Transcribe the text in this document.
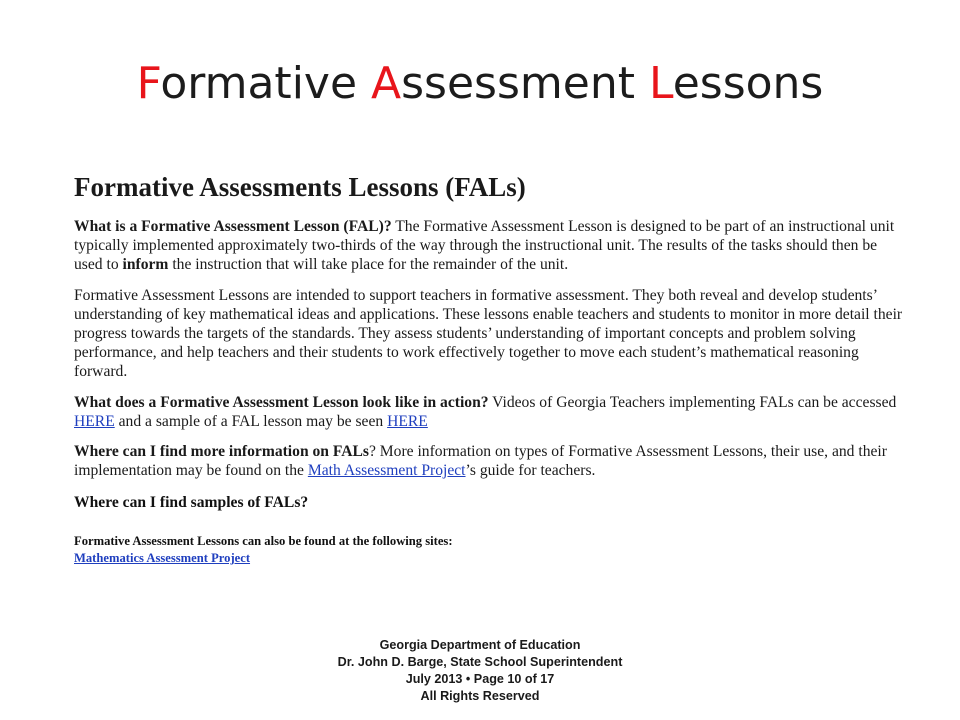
Formative Assessment Lessons
Formative Assessments Lessons (FALs)

What is a Formative Assessment Lesson (FAL)? The Formative Assessment Lesson is designed to be part of an instructional unit typically implemented approximately two-thirds of the way through the instructional unit. The results of the tasks should then be used to inform the instruction that will take place for the remainder of the unit.

Formative Assessment Lessons are intended to support teachers in formative assessment. They both reveal and develop students’ understanding of key mathematical ideas and applications. These lessons enable teachers and students to monitor in more detail their progress towards the targets of the standards. They assess students’ understanding of important concepts and problem solving performance, and help teachers and their students to work effectively together to move each student’s mathematical reasoning forward.

What does a Formative Assessment Lesson look like in action? Videos of Georgia Teachers implementing FALs can be accessed HERE and a sample of a FAL lesson may be seen HERE

Where can I find more information on FALs? More information on types of Formative Assessment Lessons, their use, and their implementation may be found on the Math Assessment Project’s guide for teachers.

Where can I find samples of FALs?
Formative Assessment Lessons can also be found at the following sites:
Mathematics Assessment Project
Georgia Department of Education
Dr. John D. Barge, State School Superintendent
July 2013 • Page 10 of 17
All Rights Reserved
